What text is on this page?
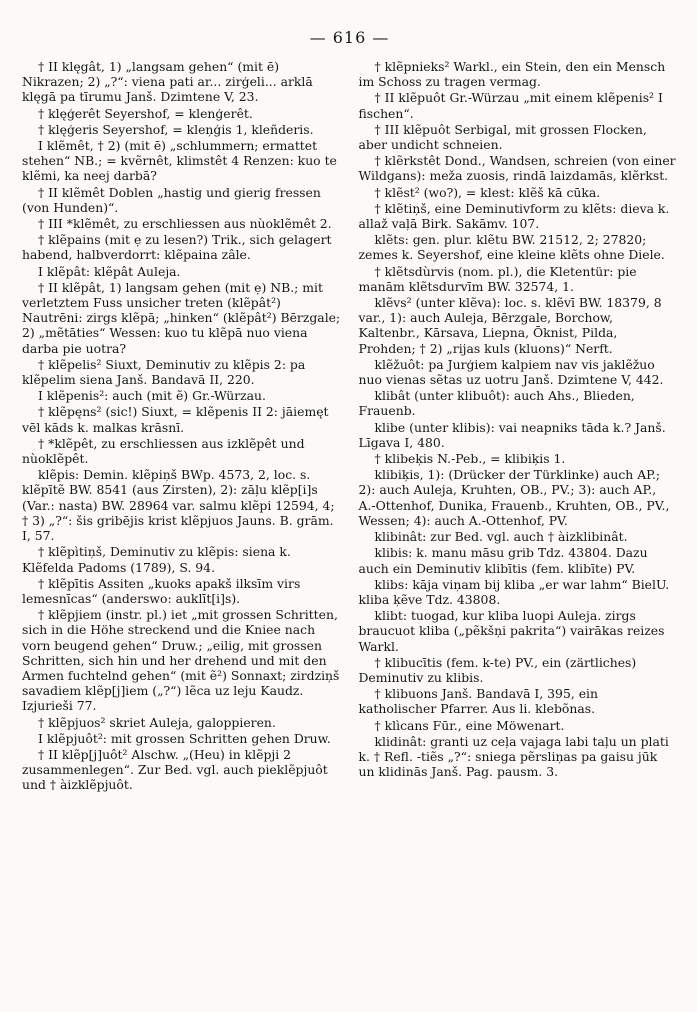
— 616 —

† II klęgât, 1) „langsam gehen“ (mit ē) Nikrazen; 2) „?“: viena pati ar... zirģeli... arklā klęgā pa tīrumu Janš. Dzimtene V, 23.

† klęģerêt Seyershof, = klenģerêt.

† klęģeris Seyershof, = kleņģis 1, kleñderis.

I klẽmêt, † 2) (mit ē) „schlummern; ermattet stehen“ NB.; = kvẽrnêt, klimstêt 4 Renzen: kuo te klẽmi, ka neej darbā?

† II klẽmêt Doblen „hastig und gierig fressen (von Hunden)“.

† III *klẽmêt, zu erschliessen aus nùoklẽmêt 2.

† klẽpains (mit ẹ zu lesen?) Trik., sich gelagert habend, halbverdorrt: klẽpaina zâle.

I klẽpât: klẽpât Auleja.

† II klẽpât, 1) langsam gehen (mit ẹ) NB.; mit verletztem Fuss unsicher treten (klẽpât²) Nautrēni: zirgs klẽpā; „hinken“ (klẽpât²) Bērzgale; 2) „mẽtāties“ Wessen: kuo tu klẽpā nuo viena darba pie uotra?

† klẽpelis² Siuxt, Deminutiv zu klẽpis 2: pa klẽpelim siena Janš. Bandavā II, 220.

I klẽpenis²: auch (mit ẽ) Gr.-Würzau.

† klẽpęns² (sic!) Siuxt, = klẽpenis II 2: jāiemęt vēl kāds k. malkas krāsnī.

† *klẽpêt, zu erschliessen aus izklẽpêt und nùoklẽpêt.

klẽpis: Demin. klẽpiņš BWp. 4573, 2, loc. s. klẽpītẽ BW. 8541 (aus Zirsten), 2): zāļu klẽp[i]s (Var.: nasta) BW. 28964 var. salmu klẽpi 12594, 4; † 3) „?“: šis gribējis krist klẽpjuos Jauns. B. grām. I, 57.

† klẽpìtiņš, Deminutiv zu klẽpis: siena k. Klẽfelda Padoms (1789), S. 94.

† klẽpītis Assiten „kuoks apakš ilksīm virs lemesnīcas“ (anderswo: auklīt[i]s).

† klẽpjiem (instr. pl.) iet „mit grossen Schritten, sich in die Höhe streckend und die Kniee nach vorn beugend gehen“ Druw.; „eilig, mit grossen Schritten, sich hin und her drehend und mit den Armen fuchtelnd gehen“ (mit ẽ²) Sonnaxt; zirdziņš savadiem klẽp[j]iem („?“) lẽca uz leju Kaudz. Izjurieši 77.

† klẽpjuos² skriet Auleja, galoppieren.

I klẽpjuôt²: mit grossen Schritten gehen Druw.

† II klẽp[j]uôt² Alschw. „(Heu) in klẽpji 2 zusammenlegen“. Zur Bed. vgl. auch pieklẽpjuôt und † àizklẽpjuôt.

† klẽpnieks² Warkl., ein Stein, den ein Mensch im Schoss zu tragen vermag.

† II klẽpuôt Gr.-Würzau „mit einem klẽpenis² I fischen“.

† III klẽpuôt Serbigal, mit grossen Flocken, aber undicht schneien.

† klẽrkstêt Dond., Wandsen, schreien (von einer Wildgans): meža zuosis, rindā laizdamās, klẽrkst.

† klẽst² (wo?), = klest: klẽš kā cūka.

† klẽtiņš, eine Deminutivform zu klẽts: dieva k. allaž vaļā Birk. Sakāmv. 107.

klẽts: gen. plur. klẽtu BW. 21512, 2; 27820; zemes k. Seyershof, eine kleine klẽts ohne Diele.

† klẽtsdùrvis (nom. pl.), die Kletentür: pie manām klẽtsdurvīm BW. 32574, 1.

klẽvs² (unter klẽva): loc. s. klẽvī BW. 18379, 8 var., 1): auch Auleja, Bērzgale, Borchow, Kaltenbr., Kārsava, Liepna, Ōknist, Pilda, Prohden; † 2) „rijas kuls (kluons)“ Nerft.

klẽžuôt: pa Jurģiem kalpiem nav vis jaklẽžuo nuo vienas sẽtas uz uotru Janš. Dzimtene V, 442.

klibât (unter klibuôt): auch Ahs., Blieden, Frauenb.

klibe (unter klibis): vai neapniks tāda k.? Janš. Līgava I, 480.

† klibeķis N.-Peb., = klibiķis 1.

klibiķis, 1): (Drücker der Türklinke) auch AP.; 2): auch Auleja, Kruhten, OB., PV.; 3): auch AP., A.-Ottenhof, Dunika, Frauenb., Kruhten, OB., PV., Wessen; 4): auch A.-Ottenhof, PV.

klibinât: zur Bed. vgl. auch † àizklibinât.

klibis: k. manu māsu grib Tdz. 43804. Dazu auch ein Deminutiv klibītis (fem. klibīte) PV.

klibs: kāja viņam bij kliba „er war lahm“ BielU. kliba ķẽve Tdz. 43808.

klibt: tuogad, kur kliba luopi Auleja. zirgs braucuot kliba („pẽkšņi pakrita“) vairākas reizes Warkl.

† klibucītis (fem. k-te) PV., ein (zärtliches) Deminutiv zu klibis.

† klibuons Janš. Bandavā I, 395, ein katholischer Pfarrer. Aus li. klebõnas.

† klìcans Fūr., eine Möwenart.

klidinât: granti uz ceļa vajaga labi taļu un plati k. † Refl. -tiẽs „?“: sniega pẽrsliņas pa gaisu jūk un klidinās Janš. Pag. pausm. 3.
